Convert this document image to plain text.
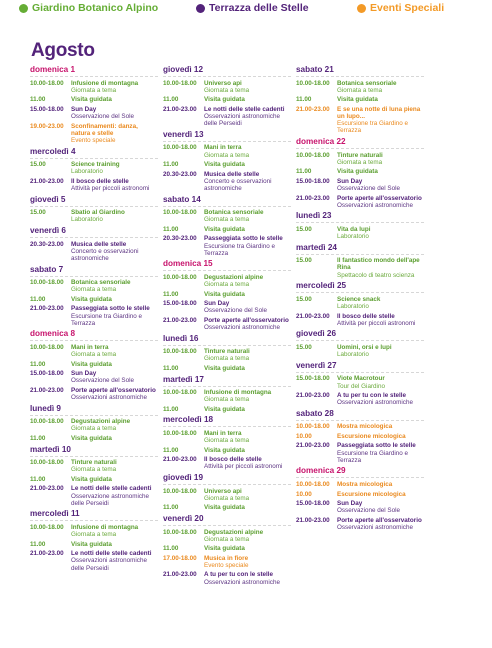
Giardino Botanico Alpino	Terrazza delle Stelle	Eventi Speciali
Agosto
domenica 1
10.00-18.00	Infusione di montagna
Giornata a tema
11.00	Visita guidata
15.00-18.00	Sun Day
Osservazione del Sole
19.00-23.00	Sconfinamenti: danza, natura e stelle
Evento speciale
mercoledì 4
15.00	Science training
Laboratorio
21.00-23.00	Il bosco delle stelle
Attività per piccoli astronomi
giovedì 5
15.00	Sbatio al Giardino
Laboratorio
venerdì 6
20.30-23.00	Musica delle stelle
Concerto e osservazioni astronomiche
sabato 7
10.00-18.00	Botanica sensoriale
Giornata a tema
11.00	Visita guidata
21.00-23.00	Passeggiata sotto le stelle
Escursione tra Giardino e Terrazza
domenica 8
10.00-18.00	Mani in terra
Giornata a tema
11.00	Visita guidata
15.00-18.00	Sun Day
Osservazione del Sole
21.00-23.00	Porte aperte all'osservatorio
Osservazioni astronomiche
lunedì 9
10.00-18.00	Degustazioni alpine
Giornata a tema
11.00	Visita guidata
martedì 10
10.00-18.00	Tinture naturali
Giornata a tema
11.00	Visita guidata
21.00-23.00	Le notti delle stelle cadenti
Osservazione astronomiche delle Perseidi
mercoledì 11
10.00-18.00	Infusione di montagna
Giornata a tema
11.00	Visita guidata
21.00-23.00	Le notti delle stelle cadenti
Osservazioni astronomiche delle Perseidi
giovedì 12
10.00-18.00	Universo api
Giornata a tema
11.00	Visita guidata
21.00-23.00	Le notti delle stelle cadenti
Osservazioni astronomiche delle Perseidi
venerdì 13
10.00-18.00	Mani in terra
Giornata a tema
11.00	Visita guidata
20.30-23.00	Musica delle stelle
Concerto e osservazioni astronomiche
sabato 14
10.00-18.00	Botanica sensoriale
Giornata a tema
11.00	Visita guidata
20.30-23.00	Passeggiata sotto le stelle
Escursione tra Giardino e Terrazza
domenica 15
10.00-18.00	Degustazioni alpine
Giornata a tema
11.00	Visita guidata
15.00-18.00	Sun Day
Osservazione del Sole
21.00-23.00	Porte aperte all'osservatorio
Osservazioni astronomiche
lunedì 16
10.00-18.00	Tinture naturali
Giornata a tema
11.00	Visita guidata
martedì 17
10.00-18.00	Infusione di montagna
Giornata a tema
11.00	Visita guidata
mercoledì 18
10.00-18.00	Mani in terra
Giornata a tema
11.00	Visita guidata
21.00-23.00	Il bosco delle stelle
Attività per piccoli astronomi
giovedì 19
10.00-18.00	Universo api
Giornata a tema
11.00	Visita guidata
venerdì 20
10.00-18.00	Degustazioni alpine
Giornata a tema
11.00	Visita guidata
17.00-18.00	Musica in fiore
Evento speciale
21.00-23.00	A tu per tu con le stelle
Osservazioni astronomiche
sabato 21
10.00-18.00	Botanica sensoriale
Giornata a tema
11.00	Visita guidata
21.00-23.00	E se una notte di luna piena un lupo...
Escursione tra Giardino e Terrazza
domenica 22
10.00-18.00	Tinture naturali
Giornata a tema
11.00	Visita guidata
15.00-18.00	Sun Day
Osservazione del Sole
21.00-23.00	Porte aperte all'osservatorio
Osservazioni astronomiche
lunedì 23
15.00	Vita da lupi
Laboratorio
martedì 24
15.00	Il fantastico mondo dell'ape Rina
Spettacolo di teatro scienza
mercoledì 25
15.00	Science snack
Laboratorio
21.00-23.00	Il bosco delle stelle
Attività per piccoli astronomi
giovedì 26
15.00	Uomini, orsi e lupi
Laboratorio
venerdì 27
15.00-18.00	Viote Macrotour
Tour del Giardino
21.00-23.00	A tu per tu con le stelle
Osservazioni astronomiche
sabato 28
10.00-18.00	Mostra micologica
10.00	Escursione micologica
21.00-23.00	Passeggiata sotto le stelle
Escursione tra Giardino e Terrazza
domenica 29
10.00-18.00	Mostra micologica
10.00	Escursione micologica
15.00-18.00	Sun Day
Osservazione del Sole
21.00-23.00	Porte aperte all'osservatorio
Osservazioni astronomiche
